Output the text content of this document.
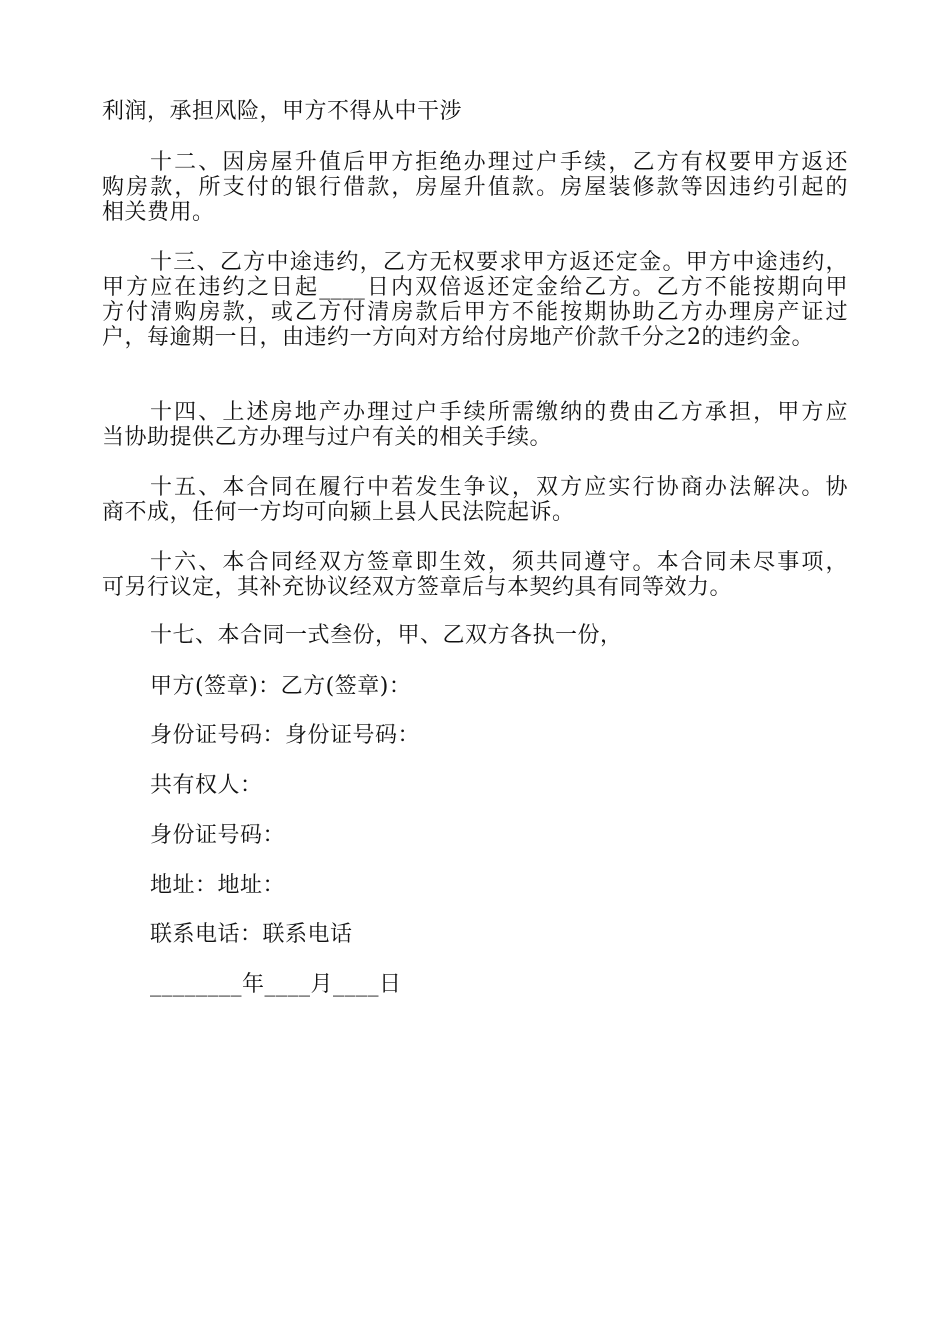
利润，承担风险，甲方不得从中干涉
十二、因房屋升值后甲方拒绝办理过户手续，乙方有权要甲方返还
购房款，所支付的银行借款，房屋升值款。房屋装修款等因违约引起的
相关费用。
十三、乙方中途违约，乙方无权要求甲方返还定金。甲方中途违约，
甲方应在违约之日起____日内双倍返还定金给乙方。乙方不能按期向甲
方付清购房款，或乙方付清房款后甲方不能按期协助乙方办理房产证过
户，每逾期一日，由违约一方向对方给付房地产价款千分之2的违约金。
十四、上述房地产办理过户手续所需缴纳的费由乙方承担，甲方应
当协助提供乙方办理与过户有关的相关手续。
十五、本合同在履行中若发生争议，双方应实行协商办法解决。协
商不成，任何一方均可向颍上县人民法院起诉。
十六、本合同经双方签章即生效，须共同遵守。本合同未尽事项，
可另行议定，其补充协议经双方签章后与本契约具有同等效力。
十七、本合同一式叁份，甲、乙双方各执一份，
甲方(签章)：乙方(签章)：
身份证号码：身份证号码：
共有权人：
身份证号码：
地址：地址：
联系电话：联系电话
________年____月____日
